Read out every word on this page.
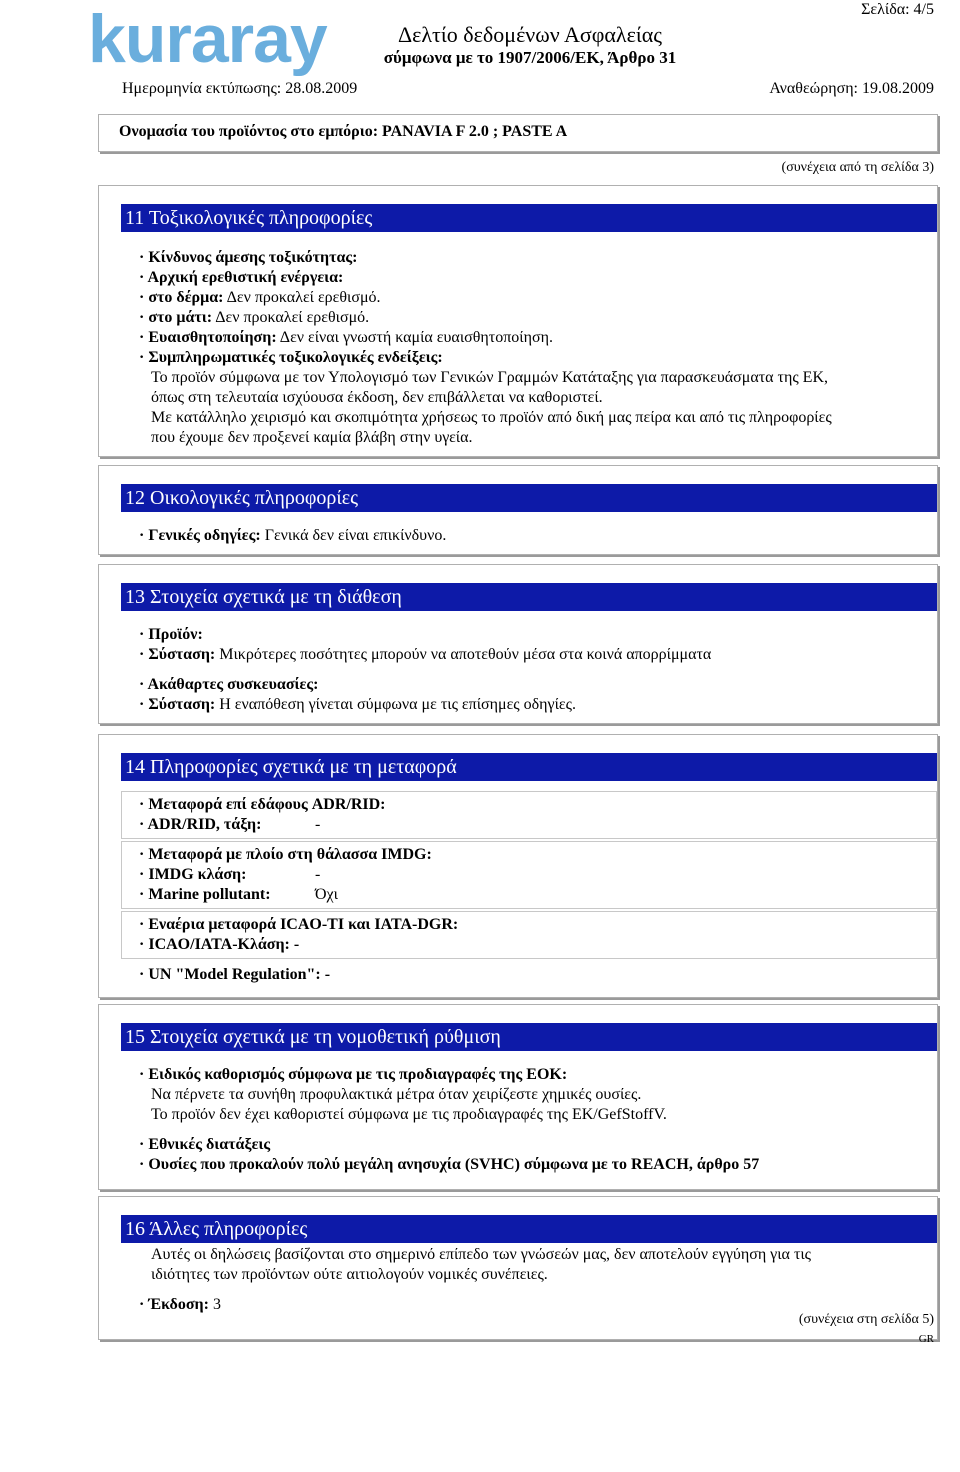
kuraray	Σελίδα: 4/5
Δελτίο δεδομένων Ασφαλείας
σύμφωνα με το 1907/2006/ΕΚ, Άρθρο 31
Ημερομηνία εκτύπωσης: 28.08.2009	Αναθεώρηση: 19.08.2009
Ονομασία του προϊόντος στο εμπόριο: PANAVIA F 2.0 ; PASTE A
(συνέχεια από τη σελίδα 3)
11 Τοξικολογικές πληροφορίες
· Κίνδυνος άμεσης τοξικότητας:
· Αρχική ερεθιστική ενέργεια:
· στο δέρμα: Δεν προκαλεί ερεθισμό.
· στο μάτι: Δεν προκαλεί ερεθισμό.
· Ευαισθητοποίηση: Δεν είναι γνωστή καμία ευαισθητοποίηση.
· Συμπληρωματικές τοξικολογικές ενδείξεις:
Το προϊόν σύμφωνα με τον Υπολογισμό των Γενικών Γραμμών Κατάταξης για παρασκευάσματα της ΕΚ,
όπως στη τελευταία ισχύουσα έκδοση, δεν επιβάλλεται να καθοριστεί.
Με κατάλληλο χειρισμό και σκοπιμότητα χρήσεως το προϊόν από δική μας πείρα και από τις πληροφορίες
που έχουμε δεν προξενεί καμία βλάβη στην υγεία.
12 Οικολογικές πληροφορίες
· Γενικές οδηγίες: Γενικά δεν είναι επικίνδυνο.
13 Στοιχεία σχετικά με τη διάθεση
· Προϊόν:
· Σύσταση: Μικρότερες ποσότητες μπορούν να αποτεθούν μέσα στα κοινά απορρίμματα
· Ακάθαρτες συσκευασίες:
· Σύσταση: Η εναπόθεση γίνεται σύμφωνα με τις επίσημες οδηγίες.
14 Πληροφορίες σχετικά με τη μεταφορά
· Μεταφορά επί εδάφους ADR/RID:
· ADR/RID, τάξη:	-
· Μεταφορά με πλοίο στη θάλασσα IMDG:
· IMDG κλάση:	-
· Marine pollutant:	Όχι
· Εναέρια μεταφορά ICAO-TI και IATA-DGR:
· ICAO/IATA-Κλάση: -
· UN "Model Regulation": -
15 Στοιχεία σχετικά με τη νομοθετική ρύθμιση
· Ειδικός καθορισμός σύμφωνα με τις προδιαγραφές της ΕΟΚ:
Να πέρνετε τα συνήθη προφυλακτικά μέτρα όταν χειρίζεστε χημικές ουσίες.
Το προϊόν δεν έχει καθοριστεί σύμφωνα με τις προδιαγραφές της ΕΚ/GefStoffV.
· Εθνικές διατάξεις
· Ουσίες που προκαλούν πολύ μεγάλη ανησυχία (SVHC) σύμφωνα με το REACH, άρθρο 57
16 Άλλες πληροφορίες
Αυτές οι δηλώσεις βασίζονται στο σημερινό επίπεδο των γνώσεών μας, δεν αποτελούν εγγύηση για τις
ιδιότητες των προϊόντων ούτε αιτιολογούν νομικές συνέπειες.
· Έκδοση: 3
(συνέχεια στη σελίδα 5)
GR
